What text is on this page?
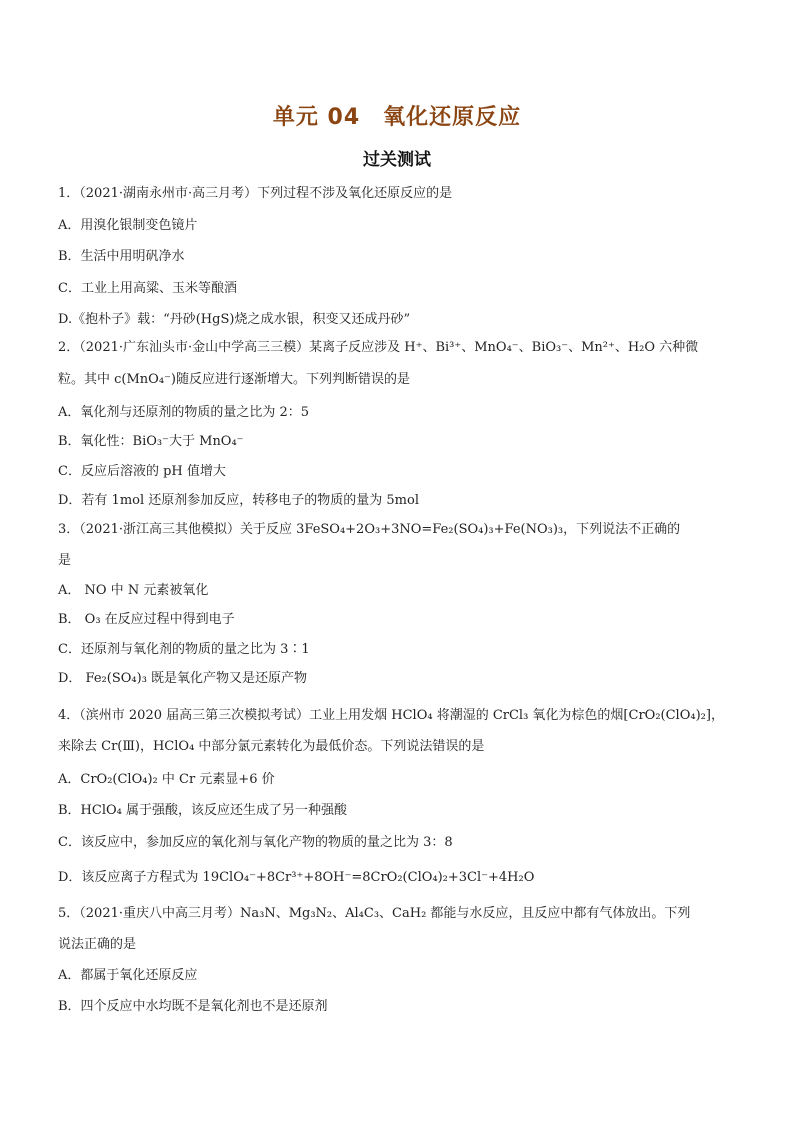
单元 04　氧化还原反应
过关测试
1．（2021·湖南永州市·高三月考）下列过程不涉及氧化还原反应的是
A．用溴化银制变色镜片
B．生活中用明矾净水
C．工业上用高粱、玉米等酿酒
D.《抱朴子》载：“丹砂(HgS)烧之成水银，积变又还成丹砂”
2．（2021·广东汕头市·金山中学高三三模）某离子反应涉及 H⁺、Bi³⁺、MnO₄⁻、BiO₃⁻、Mn²⁺、H₂O 六种微
粒。其中 c(MnO₄⁻)随反应进行逐渐增大。下列判断错误的是
A．氧化剂与还原剂的物质的量之比为 2：5
B．氧化性：BiO₃⁻大于 MnO₄⁻
C．反应后溶液的 pH 值增大
D．若有 1mol 还原剂参加反应，转移电子的物质的量为 5mol
3．（2021·浙江高三其他模拟）关于反应 3FeSO₄+2O₃+3NO=Fe₂(SO₄)₃+Fe(NO₃)₃，下列说法不正确的
是
A． NO 中 N 元素被氧化
B． O₃ 在反应过程中得到电子
C．还原剂与氧化剂的物质的量之比为 3∶1
D． Fe₂(SO₄)₃ 既是氧化产物又是还原产物
4．（滨州市 2020 届高三第三次模拟考试）工业上用发烟 HClO₄ 将潮湿的 CrCl₃ 氧化为棕色的烟[CrO₂(ClO₄)₂]，
来除去 Cr(Ⅲ)，HClO₄ 中部分氯元素转化为最低价态。下列说法错误的是
A．CrO₂(ClO₄)₂ 中 Cr 元素显+6 价
B．HClO₄ 属于强酸，该反应还生成了另一种强酸
C．该反应中，参加反应的氧化剂与氧化产物的物质的量之比为 3：8
D．该反应离子方程式为 19ClO₄⁻+8Cr³⁺+8OH⁻=8CrO₂(ClO₄)₂+3Cl⁻+4H₂O
5．（2021·重庆八中高三月考）Na₃N、Mg₃N₂、Al₄C₃、CaH₂ 都能与水反应，且反应中都有气体放出。下列
说法正确的是
A．都属于氧化还原反应
B．四个反应中水均既不是氧化剂也不是还原剂
